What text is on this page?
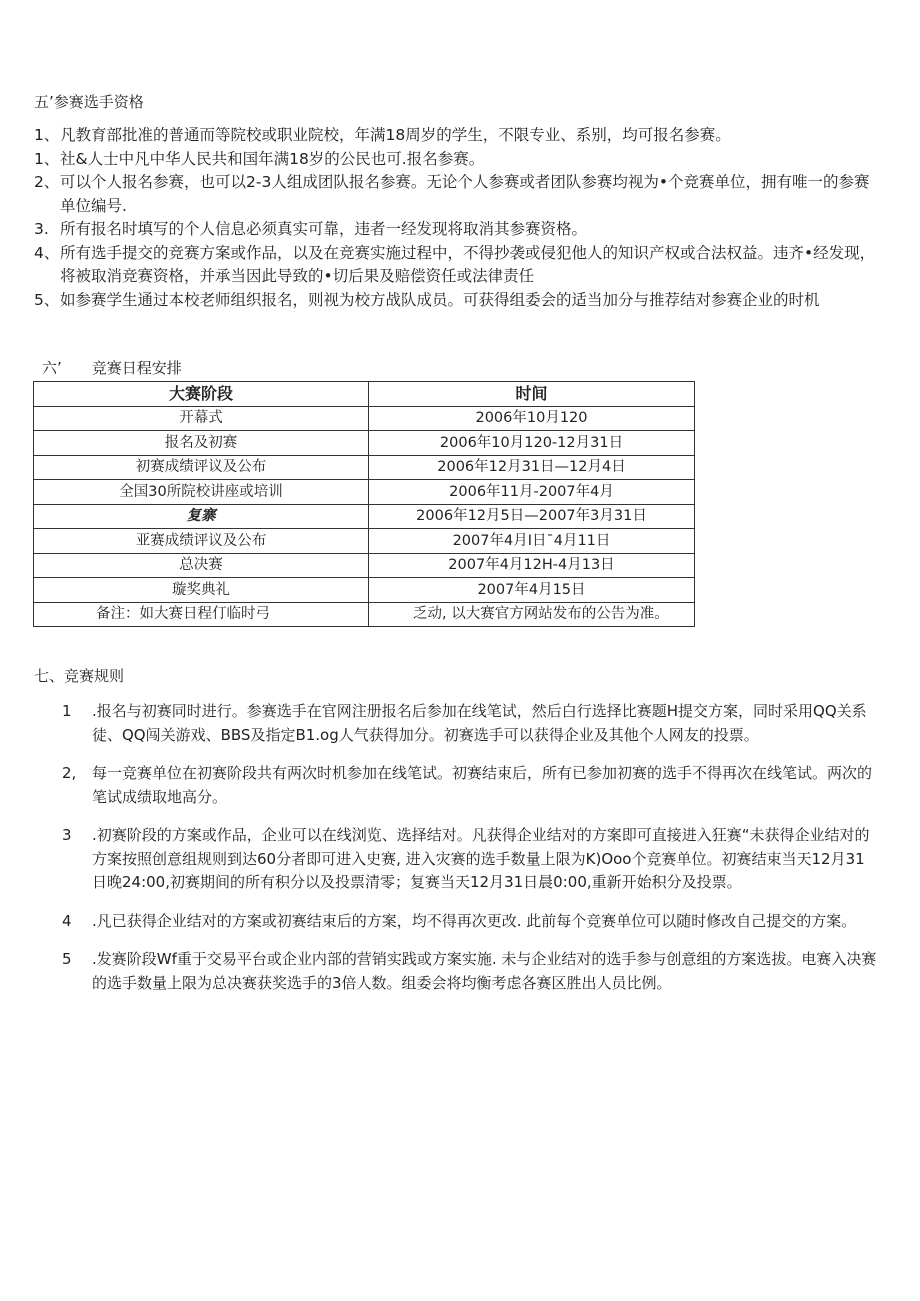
五’参赛选手资格
1、 凡教育部批准的普通而等院校或职业院校，年满18周岁的学生，不限专业、系别，均可报名参赛。
1、 社&人士中凡中华人民共和国年满18岁的公民也可.报名参赛。
2、 可以个人报名参赛，也可以2-3人组成团队报名参赛。无论个人参赛或者团队参赛均视为•个竞赛单位，拥有唯一的参赛单位编号.
3. 所有报名时填写的个人信息必须真实可靠，违者一经发现将取消其参赛资格。
4、 所有选手提交的竞赛方案或作品，以及在竞赛实施过程中，不得抄袭或侵犯他人的知识产权或合法权益。违齐•经发现，将被取消竞赛资格，并承当因此导致的•切后果及赔偿资任或法律责任
5、 如参赛学生通过本校老师组织报名，则视为校方战队成员。可获得组委会的适当加分与推荐结对参赛企业的时机
六’ 竞赛日程安排
大赛阶段	时间
开幕式	2006年10月120
报名及初赛	2006年10月120-12月31日
初赛成绩评议及公布	2006年12月31日—12月4日
全国30所院校讲座或培训	2006年11月-2007年4月
复寨	2006年12月5日—2007年3月31日
亚赛成绩评议及公布	2007年4月I日¯4月11日
总决赛	2007年4月12H-4月13日
璇奖典礼	2007年4月15日
备注：如大赛日程仃临时弓	乏动, 以大赛官方网站发布的公告为准。
七、竞赛规则
1 .报名与初赛同时进行。参赛选手在官网注册报名后参加在线笔试，然后白行选择比赛题H提交方案，同时采用QQ关系徒、QQ闯关游戏、BBS及指定B1.og人气获得加分。初赛选手可以获得企业及其他个人网友的投票。
2, 每一竞赛单位在初赛阶段共有两次时机参加在线笔试。初赛结束后，所有已参加初赛的选手不得再次在线笔试。两次的笔试成绩取地高分。
3 .初赛阶段的方案或作品，企业可以在线浏览、选择结对。凡获得企业结对的方案即可直接进入狂赛“未获得企业结对的方案按照创意组规则到达60分者即可进入史赛, 进入灾赛的选手数量上限为K)Ooo个竞赛单位。初赛结束当天12月31日晚24:00,初赛期间的所有积分以及投票清零；复赛当天12月31日晨0:00,重新开始积分及投票。
4 .凡已获得企业结对的方案或初赛结束后的方案，均不得再次更改. 此前每个竞赛单位可以随时修改自己提交的方案。
5 .发赛阶段Wf重于交易平台或企业内部的营销实践或方案实施. 未与企业结对的选手参与创意组的方案选拔。电赛入决赛的选手数量上限为总决赛获奖选手的3倍人数。组委会将均衡考虑各赛区胜出人员比例。
